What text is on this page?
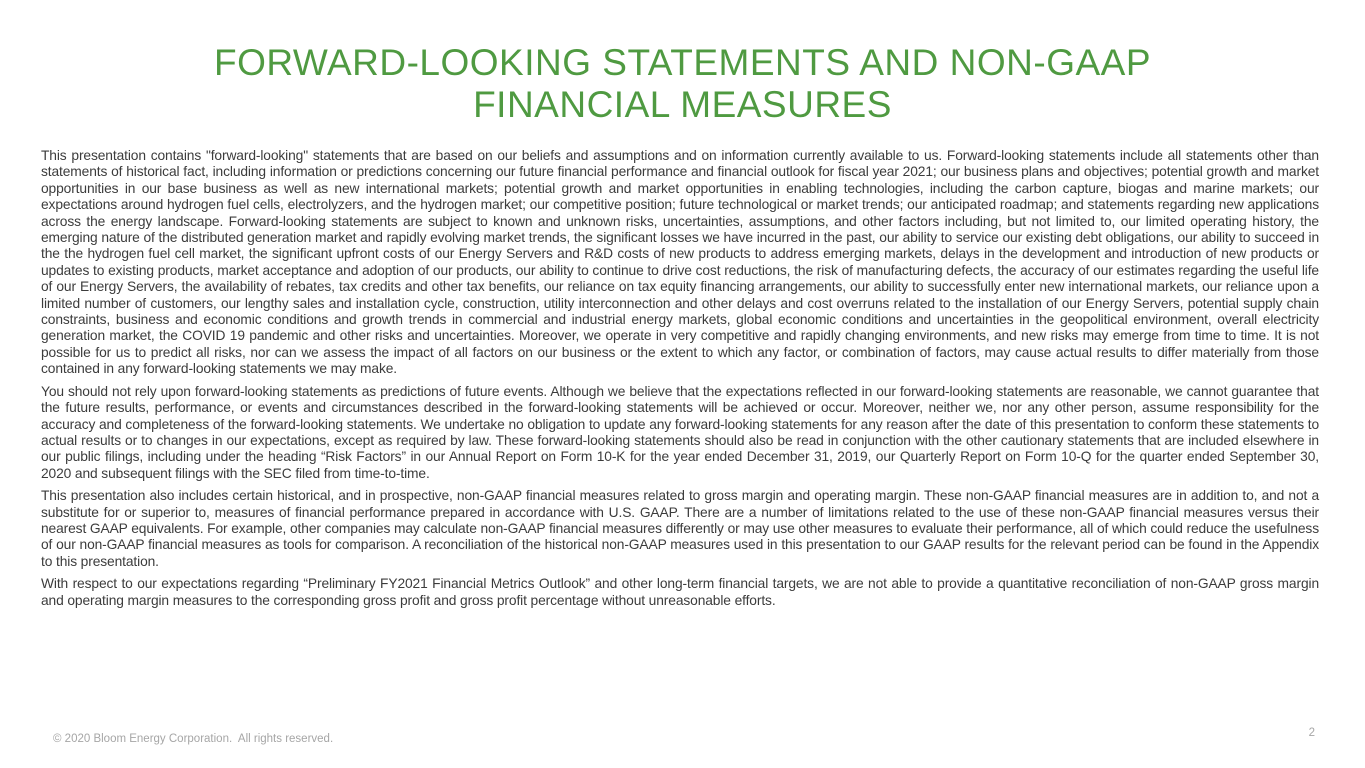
FORWARD-LOOKING STATEMENTS AND NON-GAAP
FINANCIAL MEASURES

This presentation contains "forward-looking" statements that are based on our beliefs and assumptions and on information currently available to us. Forward-looking statements include all statements other than statements of historical fact, including information or predictions concerning our future financial performance and financial outlook for fiscal year 2021; our business plans and objectives; potential growth and market opportunities in our base business as well as new international markets; potential growth and market opportunities in enabling technologies, including the carbon capture, biogas and marine markets; our expectations around hydrogen fuel cells, electrolyzers, and the hydrogen market; our competitive position; future technological or market trends; our anticipated roadmap; and statements regarding new applications across the energy landscape. Forward-looking statements are subject to known and unknown risks, uncertainties, assumptions, and other factors including, but not limited to, our limited operating history, the emerging nature of the distributed generation market and rapidly evolving market trends, the significant losses we have incurred in the past, our ability to service our existing debt obligations, our ability to succeed in the the hydrogen fuel cell market, the significant upfront costs of our Energy Servers and R&D costs of new products to address emerging markets, delays in the development and introduction of new products or updates to existing products, market acceptance and adoption of our products, our ability to continue to drive cost reductions, the risk of manufacturing defects, the accuracy of our estimates regarding the useful life of our Energy Servers, the availability of rebates, tax credits and other tax benefits, our reliance on tax equity financing arrangements, our ability to successfully enter new international markets, our reliance upon a limited number of customers, our lengthy sales and installation cycle, construction, utility interconnection and other delays and cost overruns related to the installation of our Energy Servers, potential supply chain constraints, business and economic conditions and growth trends in commercial and industrial energy markets, global economic conditions and uncertainties in the geopolitical environment, overall electricity generation market, the COVID 19 pandemic and other risks and uncertainties. Moreover, we operate in very competitive and rapidly changing environments, and new risks may emerge from time to time. It is not possible for us to predict all risks, nor can we assess the impact of all factors on our business or the extent to which any factor, or combination of factors, may cause actual results to differ materially from those contained in any forward-looking statements we may make.

You should not rely upon forward-looking statements as predictions of future events. Although we believe that the expectations reflected in our forward-looking statements are reasonable, we cannot guarantee that the future results, performance, or events and circumstances described in the forward-looking statements will be achieved or occur. Moreover, neither we, nor any other person, assume responsibility for the accuracy and completeness of the forward-looking statements. We undertake no obligation to update any forward-looking statements for any reason after the date of this presentation to conform these statements to actual results or to changes in our expectations, except as required by law. These forward-looking statements should also be read in conjunction with the other cautionary statements that are included elsewhere in our public filings, including under the heading “Risk Factors” in our Annual Report on Form 10-K for the year ended December 31, 2019, our Quarterly Report on Form 10-Q for the quarter ended September 30, 2020 and subsequent filings with the SEC filed from time-to-time.

This presentation also includes certain historical, and in prospective, non-GAAP financial measures related to gross margin and operating margin. These non-GAAP financial measures are in addition to, and not a substitute for or superior to, measures of financial performance prepared in accordance with U.S. GAAP. There are a number of limitations related to the use of these non-GAAP financial measures versus their nearest GAAP equivalents. For example, other companies may calculate non-GAAP financial measures differently or may use other measures to evaluate their performance, all of which could reduce the usefulness of our non-GAAP financial measures as tools for comparison. A reconciliation of the historical non-GAAP measures used in this presentation to our GAAP results for the relevant period can be found in the Appendix to this presentation.

With respect to our expectations regarding “Preliminary FY2021 Financial Metrics Outlook” and other long-term financial targets, we are not able to provide a quantitative reconciliation of non-GAAP gross margin and operating margin measures to the corresponding gross profit and gross profit percentage without unreasonable efforts.

© 2020 Bloom Energy Corporation.  All rights reserved.	2
